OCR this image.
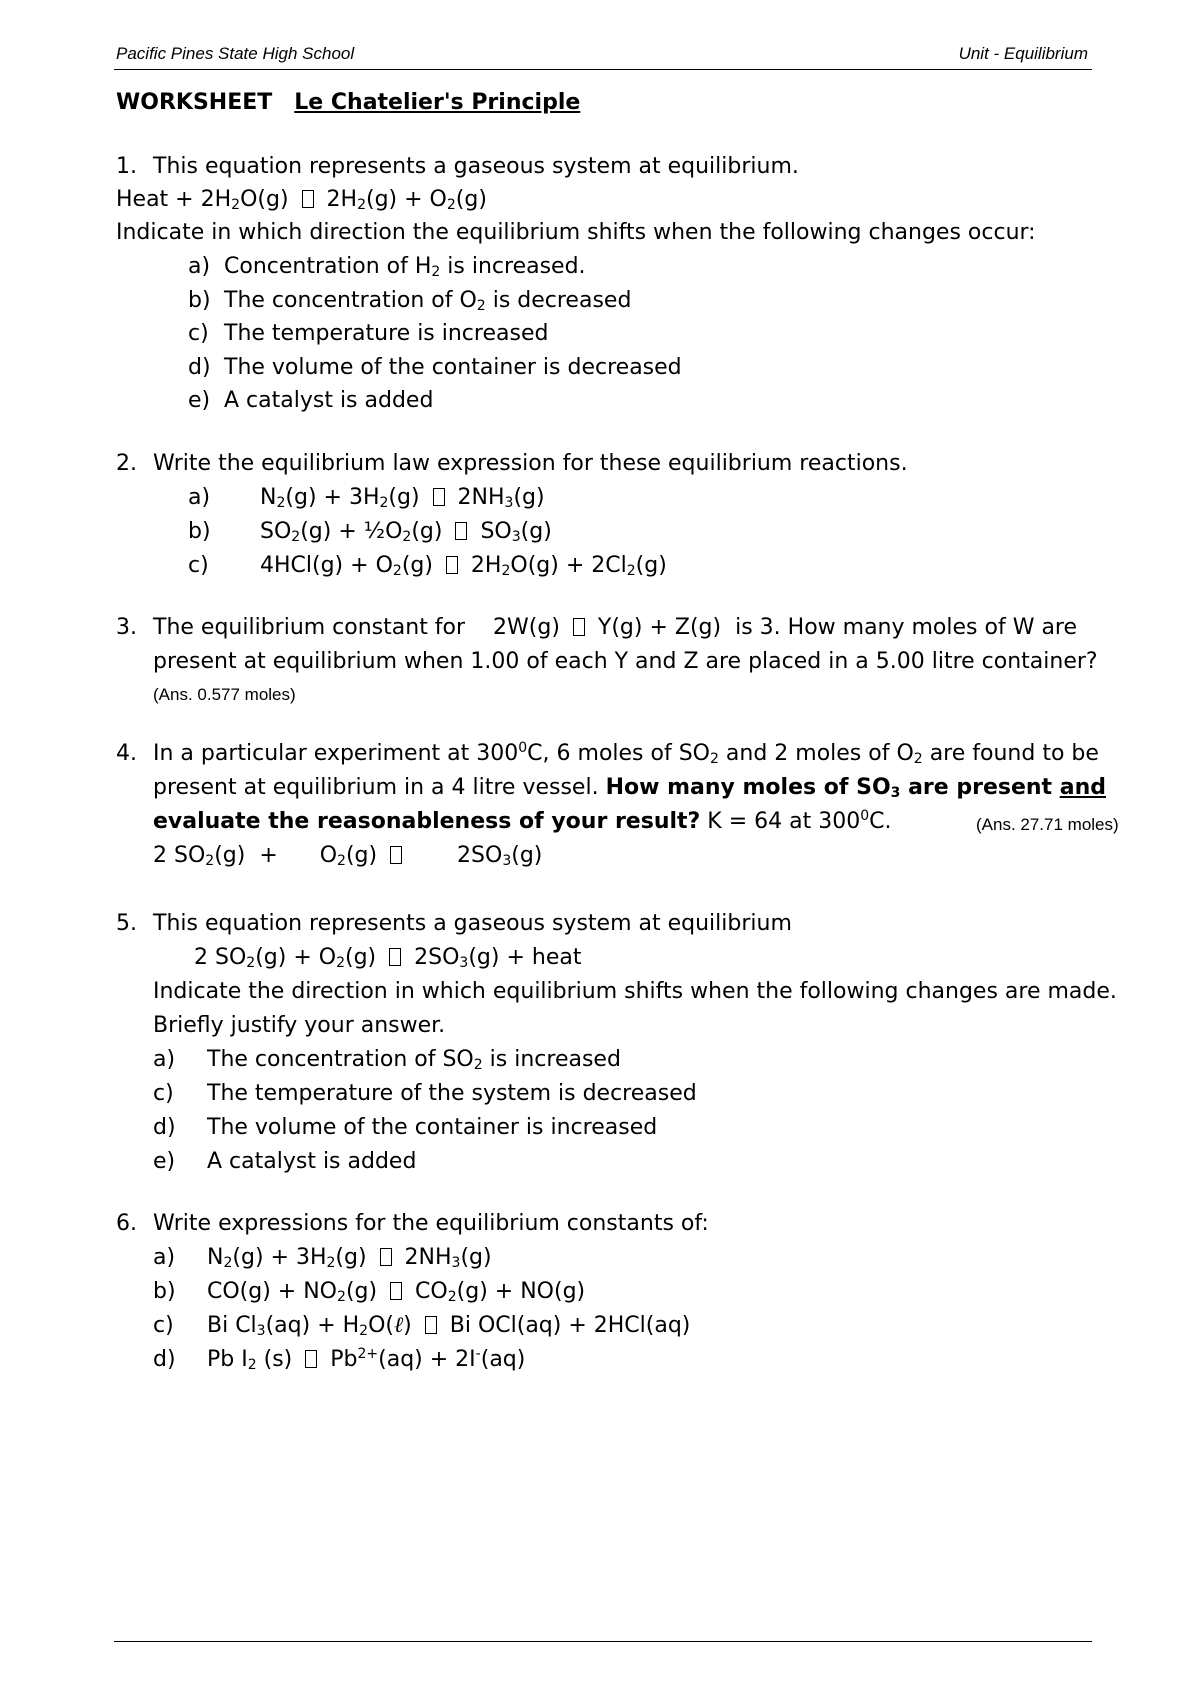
Pacific Pines State High School	Unit - Equilibrium
WORKSHEET Le Chatelier's Principle
1. This equation represents a gaseous system at equilibrium.
Heat + $2H_2O(g) 2H_2(g) + O_2(g)$
Indicate in which direction the equilibrium shifts when the following changes occur:
a) Concentration of $H_2$ is increased.
b) The concentration of $O_2$ is decreased
c) The temperature is increased
d) The volume of the container is decreased
e) A catalyst is added
2. Write the equilibrium law expression for these equilibrium reactions.
a) $N_2(g) + 3H_2(g)$  $2NH_3(g)$
b) $SO_2(g)$ + $\frac{1}{2}O_2(g)$  $SO_3(g)$
c) $4HCl(g) + O_2(g) 2H_2O(g) + 2Cl_2(g)$
3. The equilibrium constant for    2W(g)  Y(g) + Z(g)  is 3. How many moles of W are
present at equilibrium when 1.00 of each Y and Z are placed in a 5.00 litre container?
(Ans. 0.577 moles)
4. In a particular experiment at $300^0C$, 6 moles of $SO_2$ and 2 moles of $O_2$ are found to be
present at equilibrium in a 4 litre vessel. How many moles of $SO_3$ are present and
evaluate the reasonableness of your result? K = 64 at $300^0C$.	(Ans. 27.71 moles)
2 $SO_2(g)$  +      $O_2(g)$        $2SO_3(g)$
5. This equation represents a gaseous system at equilibrium
2 $SO_2(g) + O_2(g) 2SO_3(g)$ + heat
Indicate the direction in which equilibrium shifts when the following changes are made.
Briefly justify your answer.
a) The concentration of $SO_2$ is increased
c) The temperature of the system is decreased
d) The volume of the container is increased
e) A catalyst is added
6. Write expressions for the equilibrium constants of:
a) $N_2(g) + 3H_2(g)$  $2NH_3(g)$
b) $CO(g) + NO_2(g) CO_2(g) + NO(g)$
c) Bi $Cl_3(aq)$ + $H_2O(\ell)$  Bi OCl(aq) + 2HCl(aq)
d) Pb $I_2$ (s)  $Pb^{2+}(aq) + 2I^-(aq)$
